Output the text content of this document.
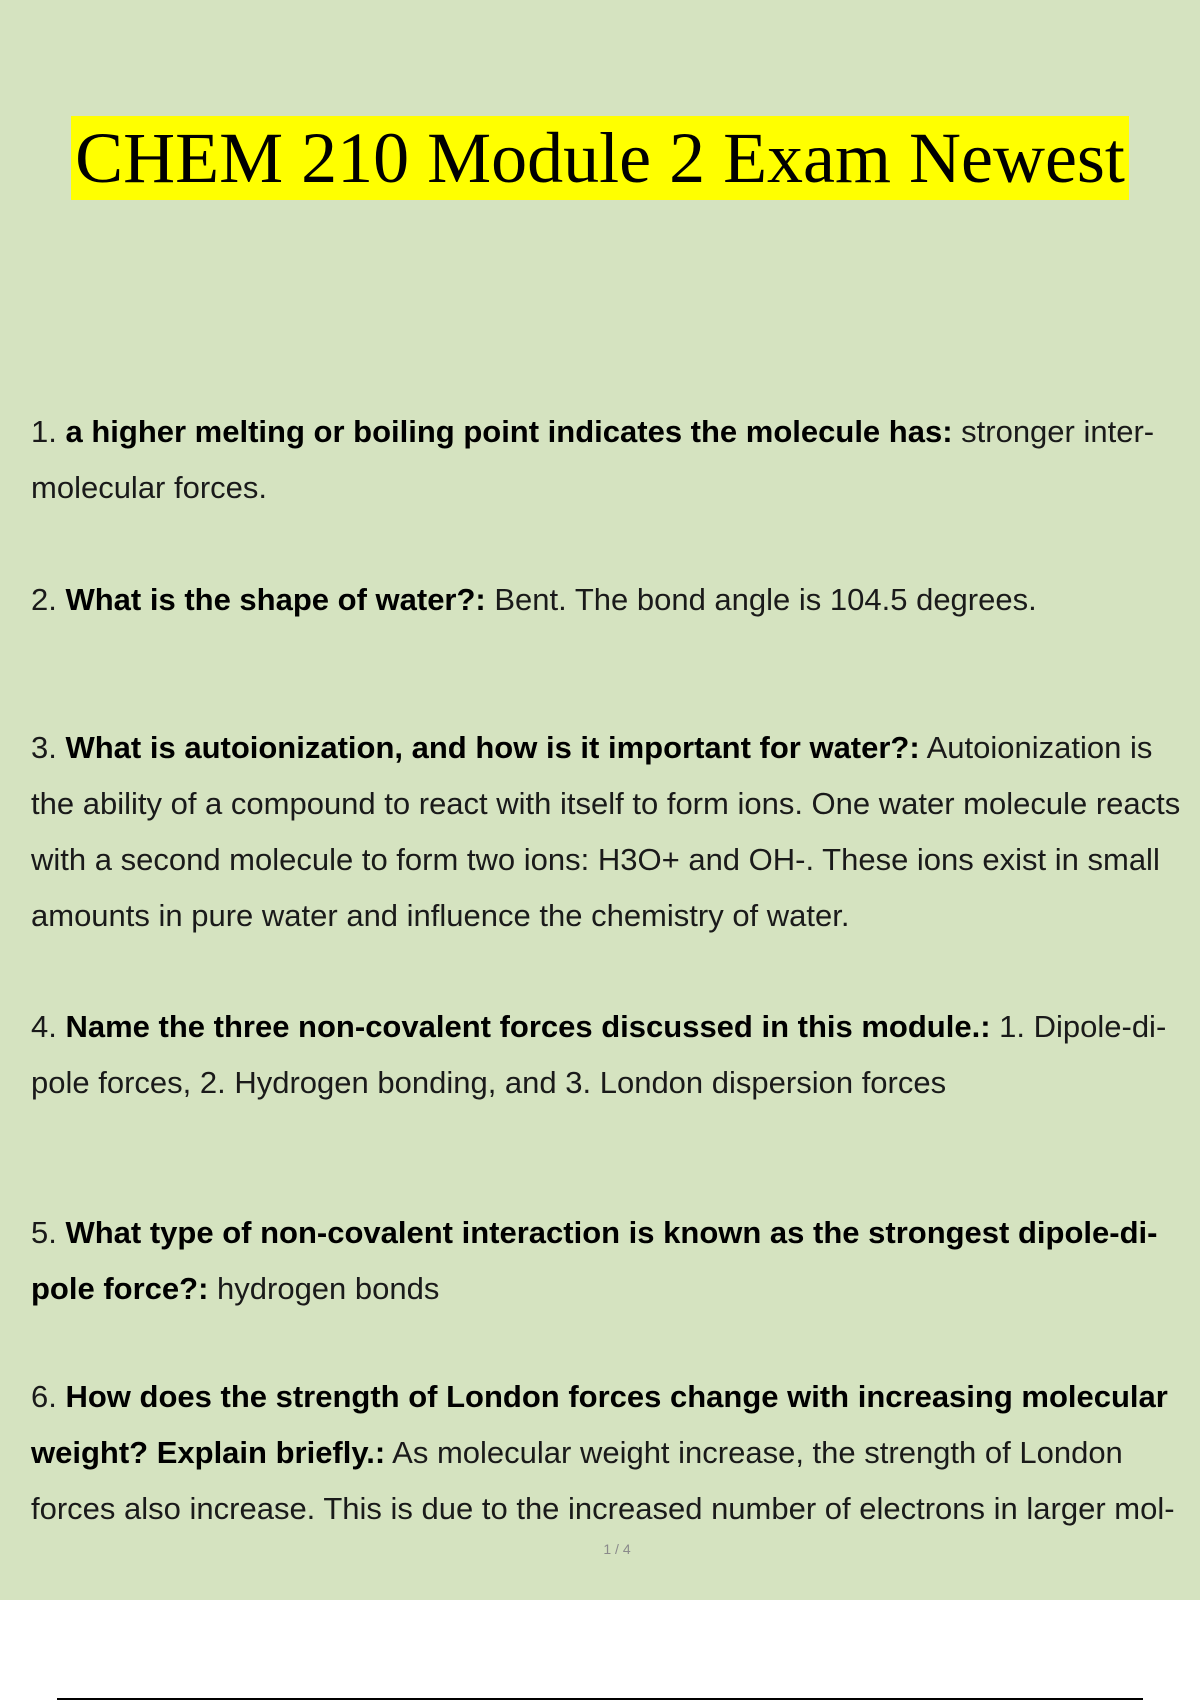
CHEM 210 Module 2 Exam Newest
1. a higher melting or boiling point indicates the molecule has: stronger inter-
molecular forces.
2. What is the shape of water?: Bent. The bond angle is 104.5 degrees.
3. What is autoionization, and how is it important for water?: Autoionization is
the ability of a compound to react with itself to form ions. One water molecule reacts
with a second molecule to form two ions: H3O+ and OH-. These ions exist in small
amounts in pure water and influence the chemistry of water.
4. Name the three non-covalent forces discussed in this module.: 1. Dipole-di-
pole forces, 2. Hydrogen bonding, and 3. London dispersion forces
5. What type of non-covalent interaction is known as the strongest dipole-di-
pole force?: hydrogen bonds
6. How does the strength of London forces change with increasing molecular
weight? Explain briefly.: As molecular weight increase, the strength of London
forces also increase. This is due to the increased number of electrons in larger mol-
1 / 4
